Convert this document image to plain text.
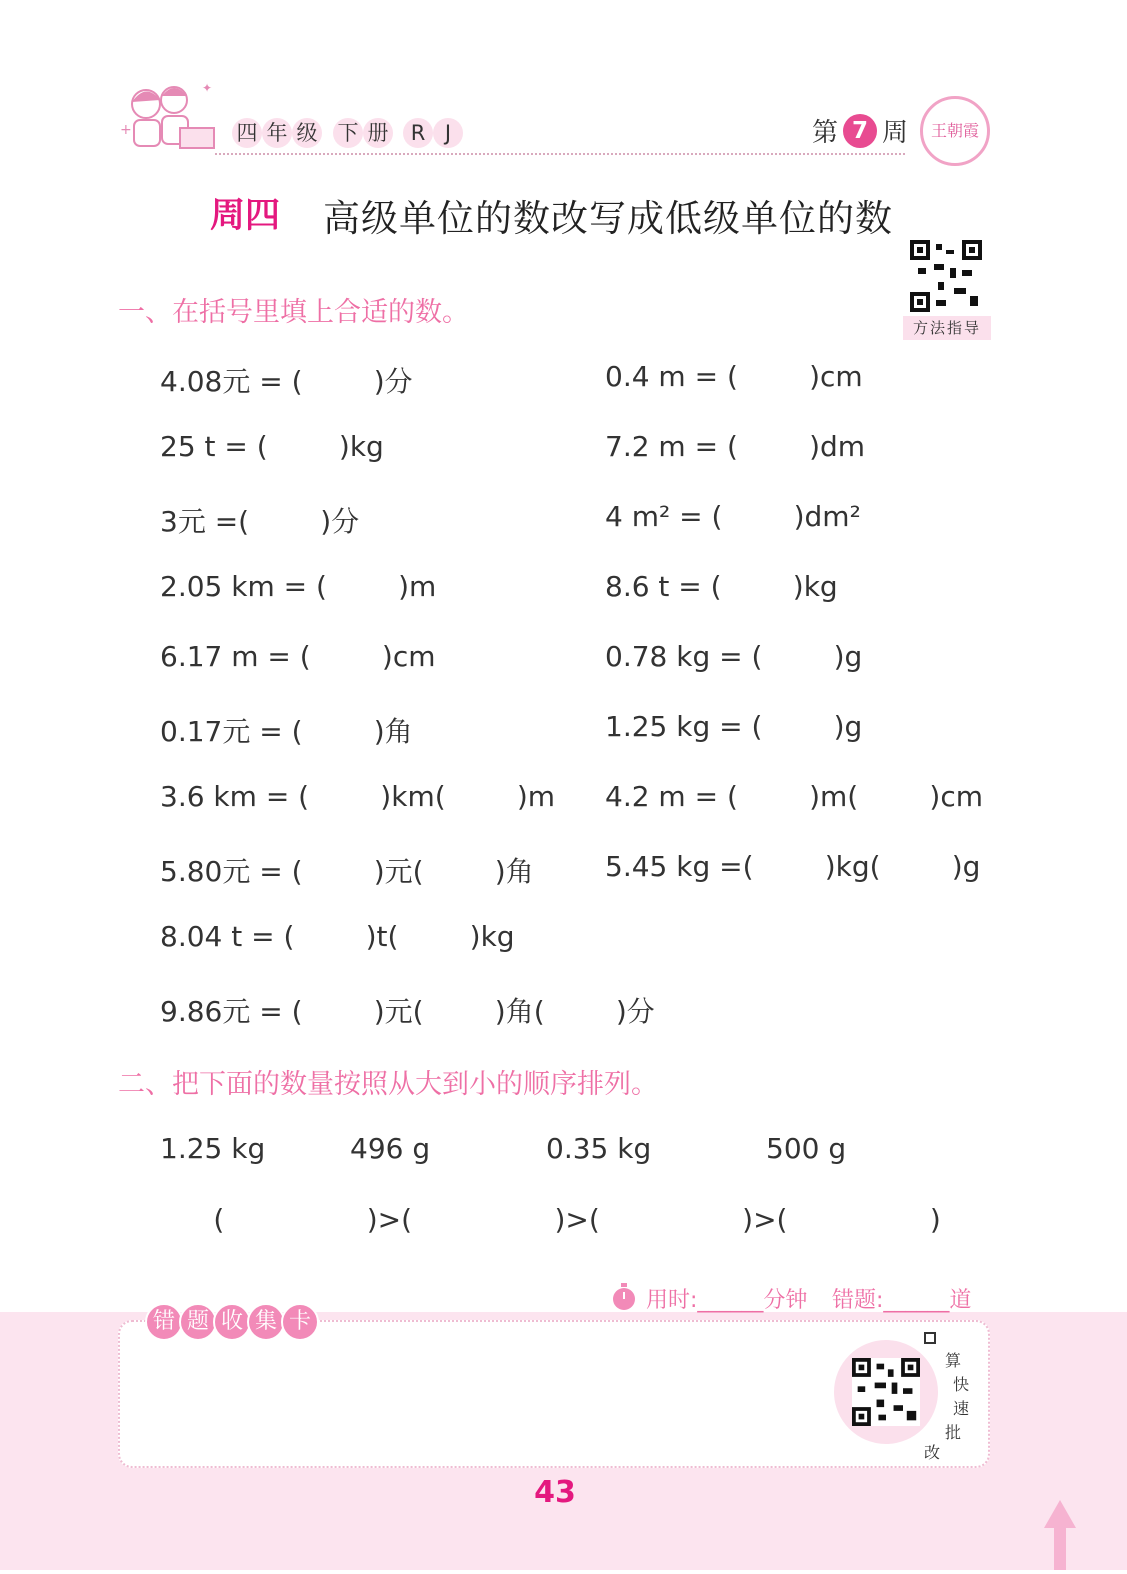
+
✦
四 年 级 下 册	R J	第 7 周	王朝霞
周四 高级单位的数改写成低级单位的数
方法指导
一、在括号里填上合适的数。
4.08元 = (        )分
25 t = (        )kg
3元 =(        )分
2.05 km = (        )m
6.17 m = (        )cm
0.17元 = (        )角
3.6 km = (        )km(        )m
5.80元 = (        )元(        )角
8.04 t = (        )t(        )kg
9.86元 = (        )元(        )角(        )分
0.4 m = (        )cm
7.2 m = (        )dm
4 m² = (        )dm²
8.6 t = (        )kg
0.78 kg = (        )g
1.25 kg = (        )g
4.2 m = (        )m(        )cm
5.45 kg =(        )kg(        )g
二、把下面的数量按照从大到小的顺序排列。
1.25 kg	496 g	0.35 kg	500 g
(                )>(                )>(                )>(                )
用时:______分钟 错题:______道
错 题 收 集 卡
算
快
速
批
改
43
